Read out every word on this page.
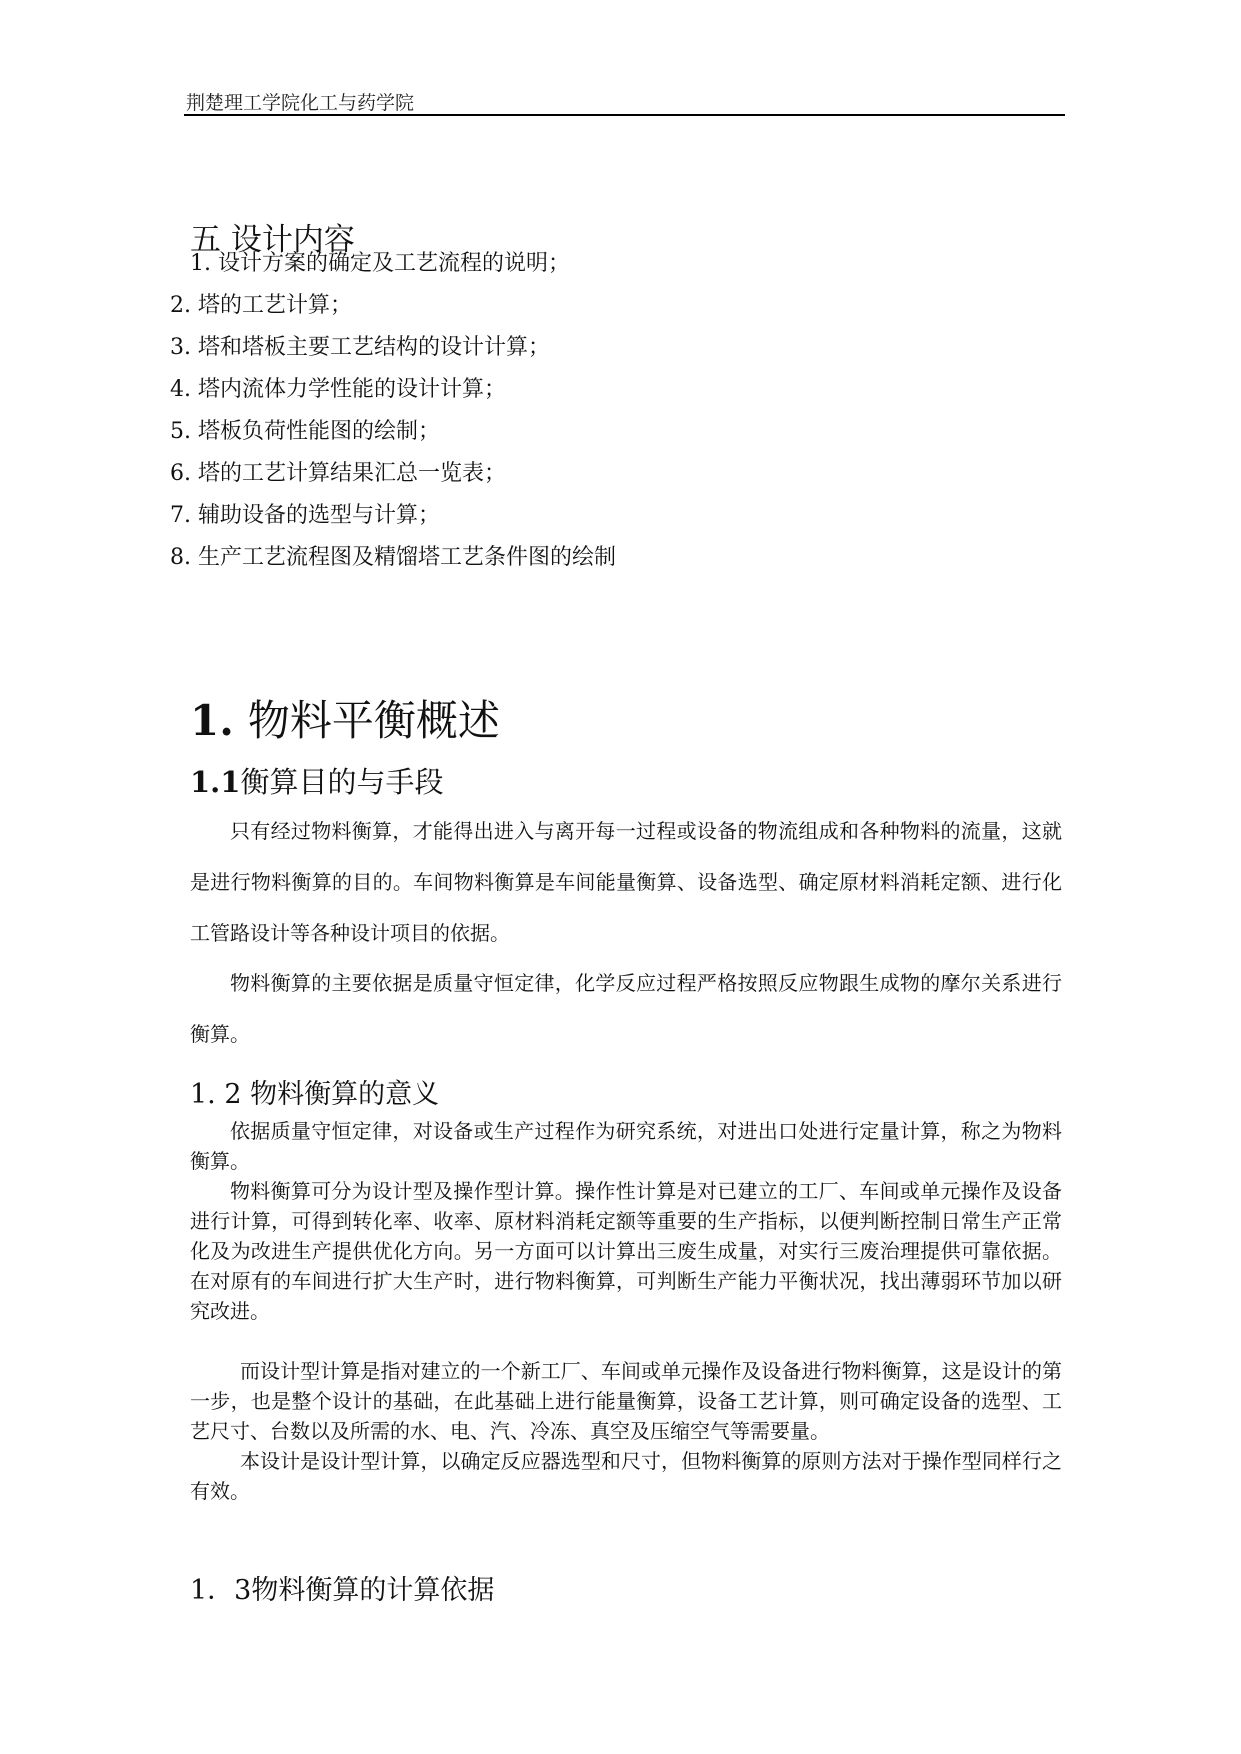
荆楚理工学院化工与药学院
五 设计内容
1. 设计方案的确定及工艺流程的说明；
2. 塔的工艺计算；
3. 塔和塔板主要工艺结构的设计计算；
4. 塔内流体力学性能的设计计算；
5. 塔板负荷性能图的绘制；
6. 塔的工艺计算结果汇总一览表；
7. 辅助设备的选型与计算；
8. 生产工艺流程图及精馏塔工艺条件图的绘制
1. 物料平衡概述
1.1衡算目的与手段

只有经过物料衡算，才能得出进入与离开每一过程或设备的物流组成和各种物料的流量，这就是进行物料衡算的目的。车间物料衡算是车间能量衡算、设备选型、确定原材料消耗定额、进行化工管路设计等各种设计项目的依据。

物料衡算的主要依据是质量守恒定律，化学反应过程严格按照反应物跟生成物的摩尔关系进行衡算。

1. 2 物料衡算的意义

依据质量守恒定律，对设备或生产过程作为研究系统，对进出口处进行定量计算，称之为物料衡算。

物料衡算可分为设计型及操作型计算。操作性计算是对已建立的工厂、车间或单元操作及设备进行计算，可得到转化率、收率、原材料消耗定额等重要的生产指标，以便判断控制日常生产正常化及为改进生产提供优化方向。另一方面可以计算出三废生成量，对实行三废治理提供可靠依据。在对原有的车间进行扩大生产时，进行物料衡算，可判断生产能力平衡状况，找出薄弱环节加以研究改进。

而设计型计算是指对建立的一个新工厂、车间或单元操作及设备进行物料衡算，这是设计的第一步，也是整个设计的基础，在此基础上进行能量衡算，设备工艺计算，则可确定设备的选型、工艺尺寸、台数以及所需的水、电、汽、冷冻、真空及压缩空气等需要量。

本设计是设计型计算，以确定反应器选型和尺寸，但物料衡算的原则方法对于操作型同样行之有效。

1．3物料衡算的计算依据
